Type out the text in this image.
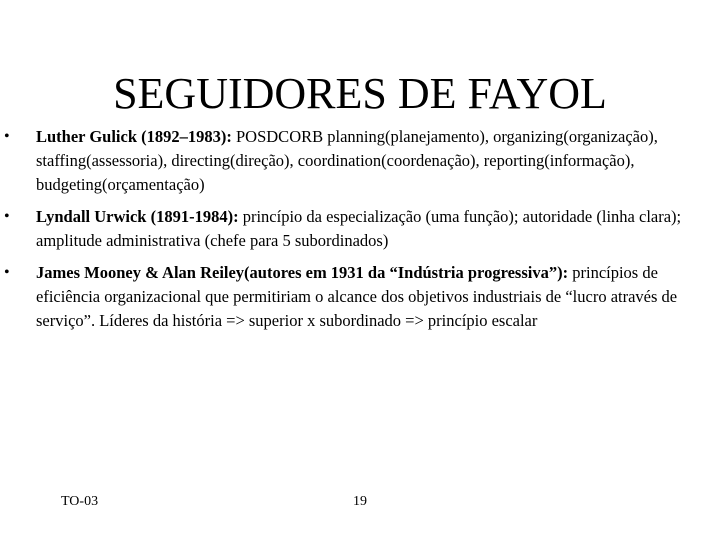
SEGUIDORES DE FAYOL
• Luther Gulick (1892–1983): POSDCORB planning(planejamento), organizing(organização), staffing(assessoria), directing(direção), coordination(coordenação), reporting(informação), budgeting(orçamentação)
• Lyndall Urwick (1891-1984): princípio da especialização (uma função); autoridade (linha clara); amplitude administrativa (chefe para 5 subordinados)
• James Mooney & Alan Reiley(autores em 1931 da “Indústria progressiva”): princípios de eficiência organizacional que permitiriam o alcance dos objetivos industriais de “lucro através de serviço”. Líderes da história => superior x subordinado => princípio escalar
TO-03	19
